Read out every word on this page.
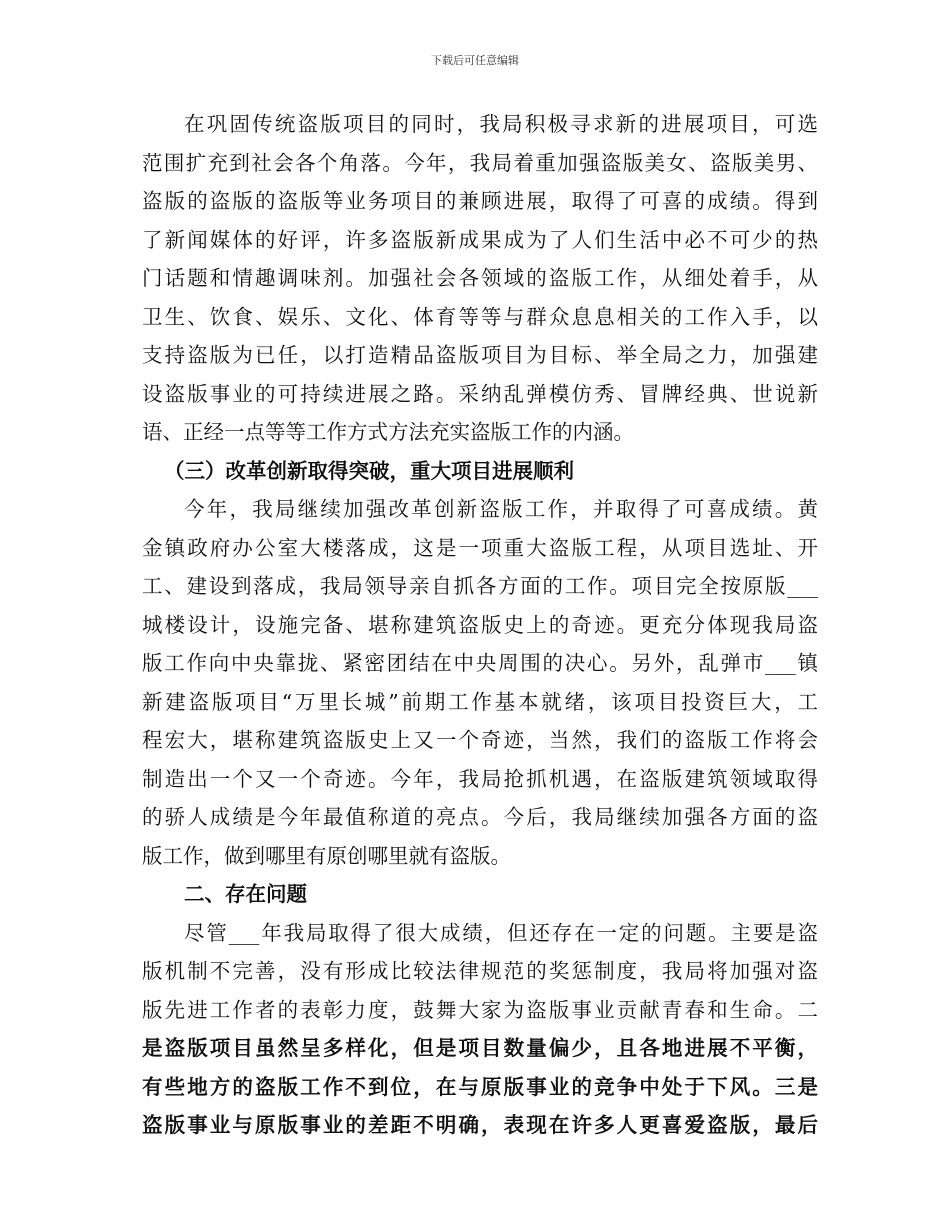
下载后可任意编辑
在巩固传统盗版项目的同时，我局积极寻求新的进展项目，可选
范围扩充到社会各个角落。今年，我局着重加强盗版美女、盗版美男、
盗版的盗版的盗版等业务项目的兼顾进展，取得了可喜的成绩。得到
了新闻媒体的好评，许多盗版新成果成为了人们生活中必不可少的热
门话题和情趣调味剂。加强社会各领域的盗版工作，从细处着手，从
卫生、饮食、娱乐、文化、体育等等与群众息息相关的工作入手，以
支持盗版为已任，以打造精品盗版项目为目标、举全局之力，加强建
设盗版事业的可持续进展之路。采纳乱弹模仿秀、冒牌经典、世说新
语、正经一点等等工作方式方法充实盗版工作的内涵。
（三）改革创新取得突破，重大项目进展顺利
今年，我局继续加强改革创新盗版工作，并取得了可喜成绩。黄
金镇政府办公室大楼落成，这是一项重大盗版工程，从项目选址、开
工、建设到落成，我局领导亲自抓各方面的工作。项目完全按原版___
城楼设计，设施完备、堪称建筑盗版史上的奇迹。更充分体现我局盗
版工作向中央靠拢、紧密团结在中央周围的决心。另外，乱弹市___镇
新建盗版项目“万里长城”前期工作基本就绪，该项目投资巨大，工
程宏大，堪称建筑盗版史上又一个奇迹，当然，我们的盗版工作将会
制造出一个又一个奇迹。今年，我局抢抓机遇，在盗版建筑领域取得
的骄人成绩是今年最值称道的亮点。今后，我局继续加强各方面的盗
版工作，做到哪里有原创哪里就有盗版。
二、存在问题
尽管___年我局取得了很大成绩，但还存在一定的问题。主要是盗
版机制不完善，没有形成比较法律规范的奖惩制度，我局将加强对盗
版先进工作者的表彰力度，鼓舞大家为盗版事业贡献青春和生命。二
是盗版项目虽然呈多样化，但是项目数量偏少，且各地进展不平衡，
有些地方的盗版工作不到位，在与原版事业的竞争中处于下风。三是
盗版事业与原版事业的差距不明确，表现在许多人更喜爱盗版，最后
